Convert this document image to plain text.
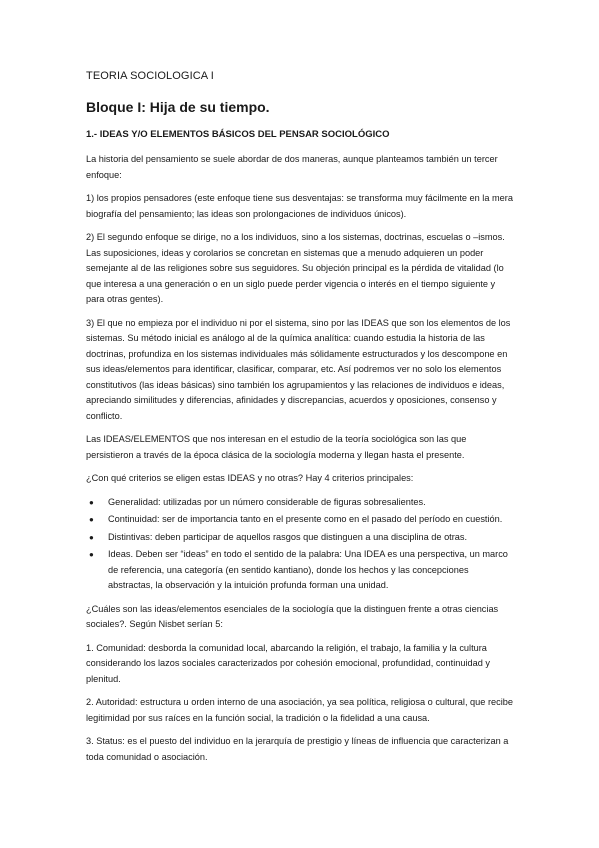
TEORIA SOCIOLOGICA I
Bloque I: Hija de su tiempo.
1.- IDEAS Y/O ELEMENTOS BÁSICOS DEL PENSAR SOCIOLÓGICO

La historia del pensamiento se suele abordar de dos maneras, aunque planteamos también un tercer enfoque:

1) los propios pensadores (este enfoque tiene sus desventajas: se transforma muy fácilmente en la mera biografía del pensamiento; las ideas son prolongaciones de individuos únicos).

2) El segundo enfoque se dirige, no a los individuos, sino a los sistemas, doctrinas, escuelas o –ismos. Las suposiciones, ideas y corolarios se concretan en sistemas que a menudo adquieren un poder semejante al de las religiones sobre sus seguidores. Su objeción principal es la pérdida de vitalidad (lo que interesa a una generación o en un siglo puede perder vigencia o interés en el tiempo siguiente y para otras gentes).

3) El que no empieza por el individuo ni por el sistema, sino por las IDEAS que son los elementos de los sistemas. Su método inicial es análogo al de la química analítica: cuando estudia la historia de las doctrinas, profundiza en los sistemas individuales más sólidamente estructurados y los descompone en sus ideas/elementos para identificar, clasificar, comparar, etc. Así podremos ver no solo los elementos constitutivos (las ideas básicas) sino también los agrupamientos y las relaciones de individuos e ideas, apreciando similitudes y diferencias, afinidades y discrepancias, acuerdos y oposiciones, consenso y conflicto.

Las IDEAS/ELEMENTOS que nos interesan en el estudio de la teoría sociológica son las que persistieron a través de la época clásica de la sociología moderna y llegan hasta el presente.

¿Con qué criterios se eligen estas IDEAS y no otras? Hay 4 criterios principales:

● Generalidad: utilizadas por un número considerable de figuras sobresalientes.
● Continuidad: ser de importancia tanto en el presente como en el pasado del período en cuestión.
● Distintivas: deben participar de aquellos rasgos que distinguen a una disciplina de otras.
● Ideas. Deben ser “ideas” en todo el sentido de la palabra: Una IDEA es una perspectiva, un marco de referencia, una categoría (en sentido kantiano), donde los hechos y las concepciones abstractas, la observación y la intuición profunda forman una unidad.

¿Cuáles son las ideas/elementos esenciales de la sociología que la distinguen frente a otras ciencias sociales?. Según Nisbet serían 5:

1. Comunidad: desborda la comunidad local, abarcando la religión, el trabajo, la familia y la cultura considerando los lazos sociales caracterizados por cohesión emocional, profundidad, continuidad y plenitud.

2. Autoridad: estructura u orden interno de una asociación, ya sea política, religiosa o cultural, que recibe legitimidad por sus raíces en la función social, la tradición o la fidelidad a una causa.

3. Status: es el puesto del individuo en la jerarquía de prestigio y líneas de influencia que caracterizan a toda comunidad o asociación.
